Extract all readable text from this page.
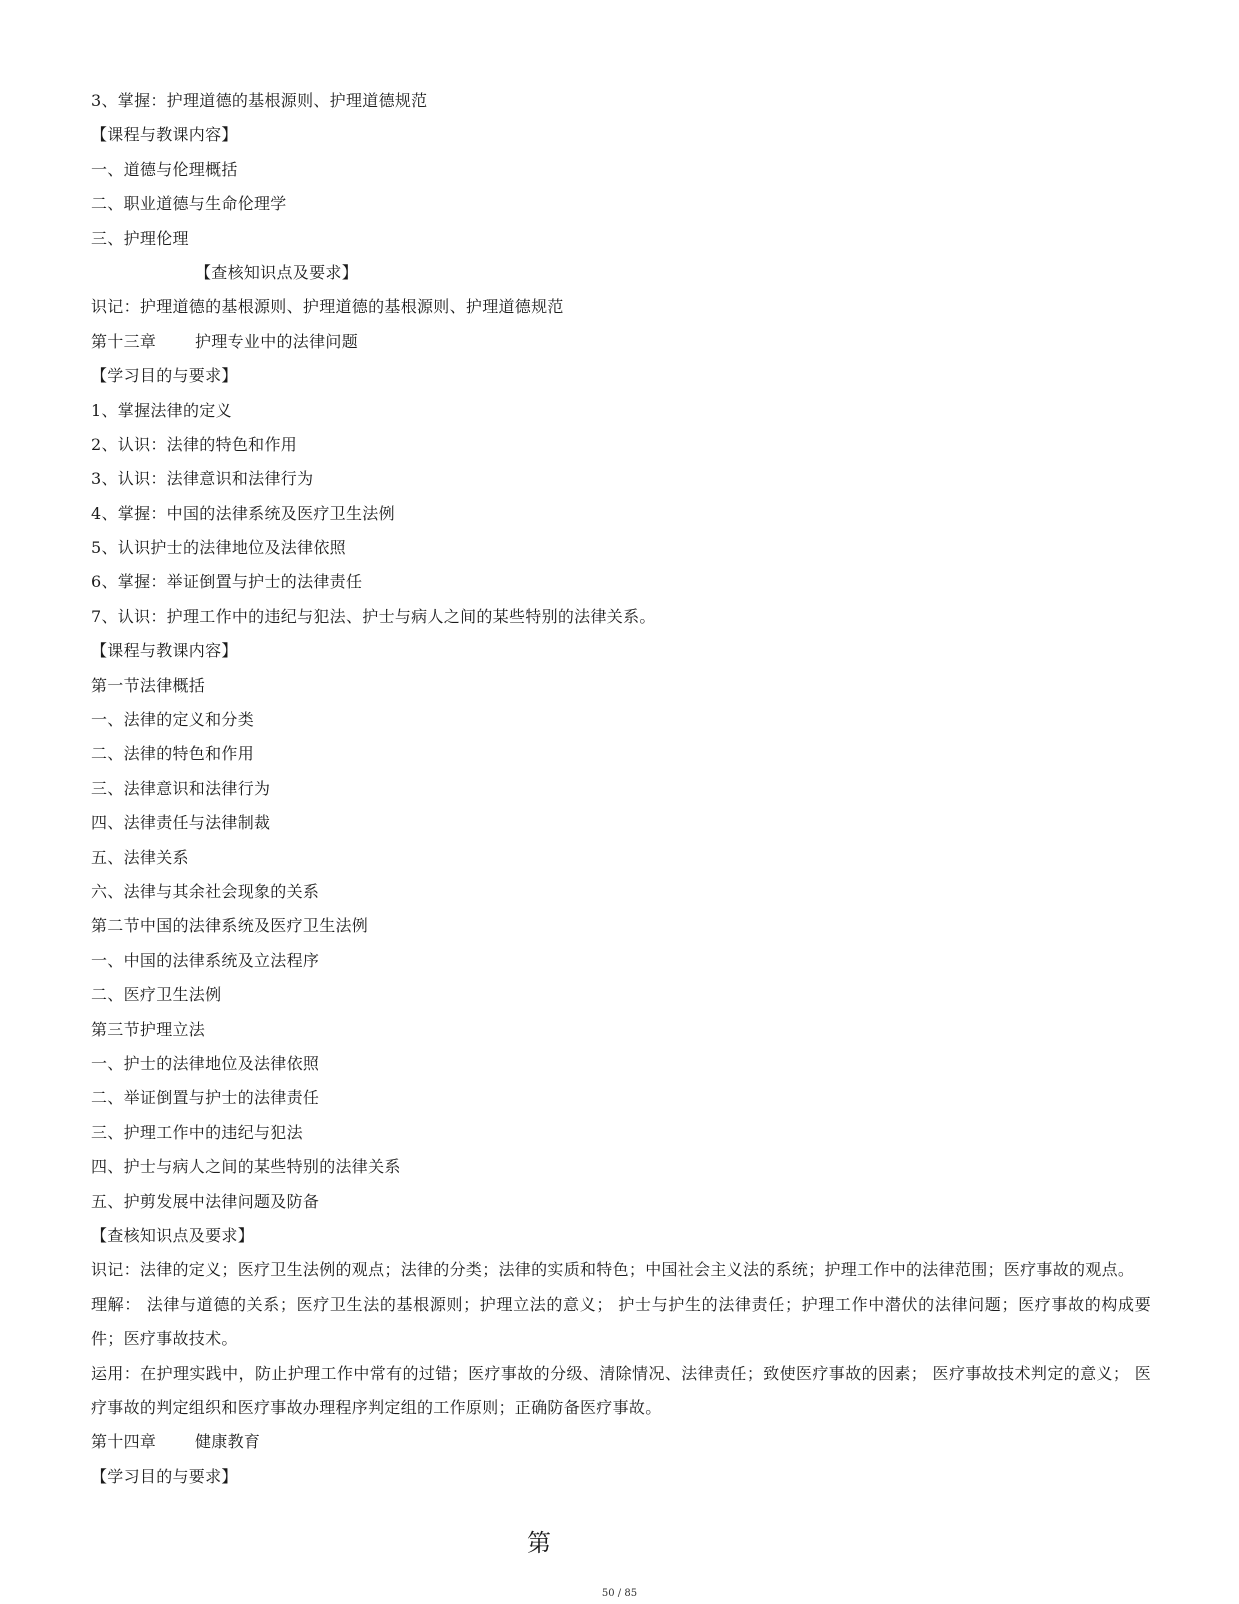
3、掌握：护理道德的基根源则、护理道德规范
【课程与教课内容】
一、道德与伦理概括
二、职业道德与生命伦理学
三、护理伦理
【查核知识点及要求】
识记：护理道德的基根源则、护理道德的基根源则、护理道德规范
第十三章 护理专业中的法律问题
【学习目的与要求】
1、掌握法律的定义
2、认识：法律的特色和作用
3、认识：法律意识和法律行为
4、掌握：中国的法律系统及医疗卫生法例
5、认识护士的法律地位及法律依照
6、掌握：举证倒置与护士的法律责任
7、认识：护理工作中的违纪与犯法、护士与病人之间的某些特别的法律关系。
【课程与教课内容】
第一节法律概括
一、法律的定义和分类
二、法律的特色和作用
三、法律意识和法律行为
四、法律责任与法律制裁
五、法律关系
六、法律与其余社会现象的关系
第二节中国的法律系统及医疗卫生法例
一、中国的法律系统及立法程序
二、医疗卫生法例
第三节护理立法
一、护士的法律地位及法律依照
二、举证倒置与护士的法律责任
三、护理工作中的违纪与犯法
四、护士与病人之间的某些特别的法律关系
五、护剪发展中法律问题及防备
【查核知识点及要求】
识记：法律的定义；医疗卫生法例的观点；法律的分类；法律的实质和特色；中国社会主义法的系统；护理工作中的法律范围；医疗事故的观点。
理解： 法律与道德的关系；医疗卫生法的基根源则；护理立法的意义； 护士与护生的法律责任；护理工作中潜伏的法律问题；医疗事故的构成要件；医疗事故技术。
运用：在护理实践中，防止护理工作中常有的过错；医疗事故的分级、清除情况、法律责任；致使医疗事故的因素； 医疗事故技术判定的意义； 医疗事故的判定组织和医疗事故办理程序判定组的工作原则；正确防备医疗事故。
第十四章 健康教育
【学习目的与要求】
第
50 / 85
